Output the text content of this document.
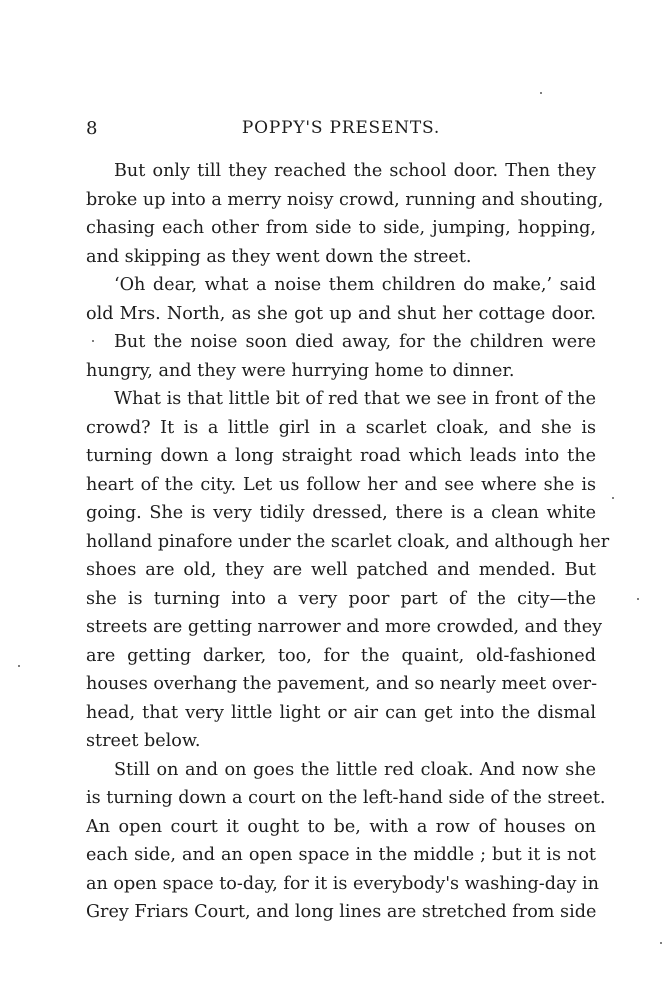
8	POPPY'S PRESENTS.
But only till they reached the school door. Then they
broke up into a merry noisy crowd, running and shouting,
chasing each other from side to side, jumping, hopping,
and skipping as they went down the street.
‘Oh dear, what a noise them children do make,’ said
old Mrs. North, as she got up and shut her cottage door.
But the noise soon died away, for the children were
hungry, and they were hurrying home to dinner.
What is that little bit of red that we see in front of the
crowd? It is a little girl in a scarlet cloak, and she is
turning down a long straight road which leads into the
heart of the city. Let us follow her and see where she is
going. She is very tidily dressed, there is a clean white
holland pinafore under the scarlet cloak, and although her
shoes are old, they are well patched and mended. But
she is turning into a very poor part of the city—the
streets are getting narrower and more crowded, and they
are getting darker, too, for the quaint, old-fashioned
houses overhang the pavement, and so nearly meet over-
head, that very little light or air can get into the dismal
street below.
Still on and on goes the little red cloak. And now she
is turning down a court on the left-hand side of the street.
An open court it ought to be, with a row of houses on
each side, and an open space in the middle ; but it is not
an open space to-day, for it is everybody's washing-day in
Grey Friars Court, and long lines are stretched from side
